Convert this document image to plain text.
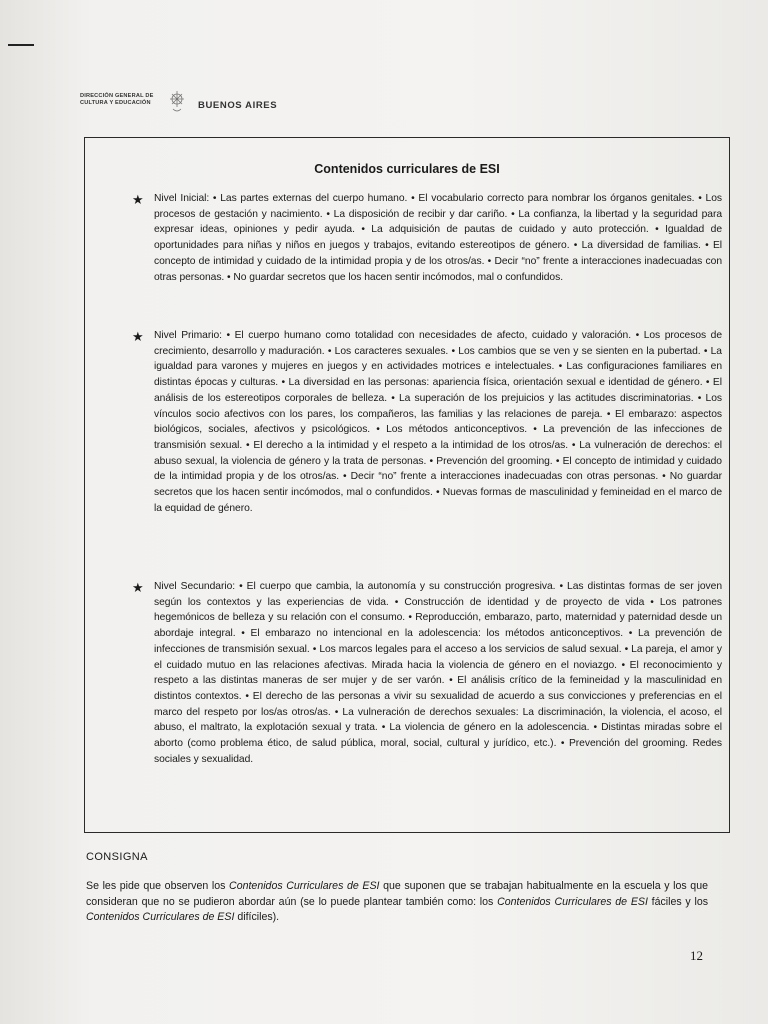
DIRECCIÓN GENERAL DE CULTURA Y EDUCACIÓN	BUENOS AIRES
Contenidos curriculares de ESI
★ Nivel Inicial: • Las partes externas del cuerpo humano. • El vocabulario correcto para nombrar los órganos genitales. • Los procesos de gestación y nacimiento. • La disposición de recibir y dar cariño. • La confianza, la libertad y la seguridad para expresar ideas, opiniones y pedir ayuda. • La adquisición de pautas de cuidado y auto protección. • Igualdad de oportunidades para niñas y niños en juegos y trabajos, evitando estereotipos de género. • La diversidad de familias. • El concepto de intimidad y cuidado de la intimidad propia y de los otros/as. • Decir “no” frente a interacciones inadecuadas con otras personas. • No guardar secretos que los hacen sentir incómodos, mal o confundidos.
★ Nivel Primario: • El cuerpo humano como totalidad con necesidades de afecto, cuidado y valoración. • Los procesos de crecimiento, desarrollo y maduración. • Los caracteres sexuales. • Los cambios que se ven y se sienten en la pubertad. • La igualdad para varones y mujeres en juegos y en actividades motrices e intelectuales. • Las configuraciones familiares en distintas épocas y culturas. • La diversidad en las personas: apariencia física, orientación sexual e identidad de género. • El análisis de los estereotipos corporales de belleza. • La superación de los prejuicios y las actitudes discriminatorias. • Los vínculos socio afectivos con los pares, los compañeros, las familias y las relaciones de pareja. • El embarazo: aspectos biológicos, sociales, afectivos y psicológicos. • Los métodos anticonceptivos. • La prevención de las infecciones de transmisión sexual. • El derecho a la intimidad y el respeto a la intimidad de los otros/as. • La vulneración de derechos: el abuso sexual, la violencia de género y la trata de personas. • Prevención del grooming. • El concepto de intimidad y cuidado de la intimidad propia y de los otros/as. • Decir “no” frente a interacciones inadecuadas con otras personas. • No guardar secretos que los hacen sentir incómodos, mal o confundidos. • Nuevas formas de masculinidad y femineidad en el marco de la equidad de género.
★ Nivel Secundario: • El cuerpo que cambia, la autonomía y su construcción progresiva. • Las distintas formas de ser joven según los contextos y las experiencias de vida. • Construcción de identidad y de proyecto de vida • Los patrones hegemónicos de belleza y su relación con el consumo. • Reproducción, embarazo, parto, maternidad y paternidad desde un abordaje integral. • El embarazo no intencional en la adolescencia: los métodos anticonceptivos. • La prevención de infecciones de transmisión sexual. • Los marcos legales para el acceso a los servicios de salud sexual. • La pareja, el amor y el cuidado mutuo en las relaciones afectivas. Mirada hacia la violencia de género en el noviazgo. • El reconocimiento y respeto a las distintas maneras de ser mujer y de ser varón. • El análisis crítico de la femineidad y la masculinidad en distintos contextos. • El derecho de las personas a vivir su sexualidad de acuerdo a sus convicciones y preferencias en el marco del respeto por los/as otros/as. • La vulneración de derechos sexuales: La discriminación, la violencia, el acoso, el abuso, el maltrato, la explotación sexual y trata. • La violencia de género en la adolescencia. • Distintas miradas sobre el aborto (como problema ético, de salud pública, moral, social, cultural y jurídico, etc.). • Prevención del grooming. Redes sociales y sexualidad.
CONSIGNA
Se les pide que observen los Contenidos Curriculares de ESI que suponen que se trabajan habitualmente en la escuela y los que consideran que no se pudieron abordar aún (se lo puede plantear también como: los Contenidos Curriculares de ESI fáciles y los Contenidos Curriculares de ESI difíciles).
12
